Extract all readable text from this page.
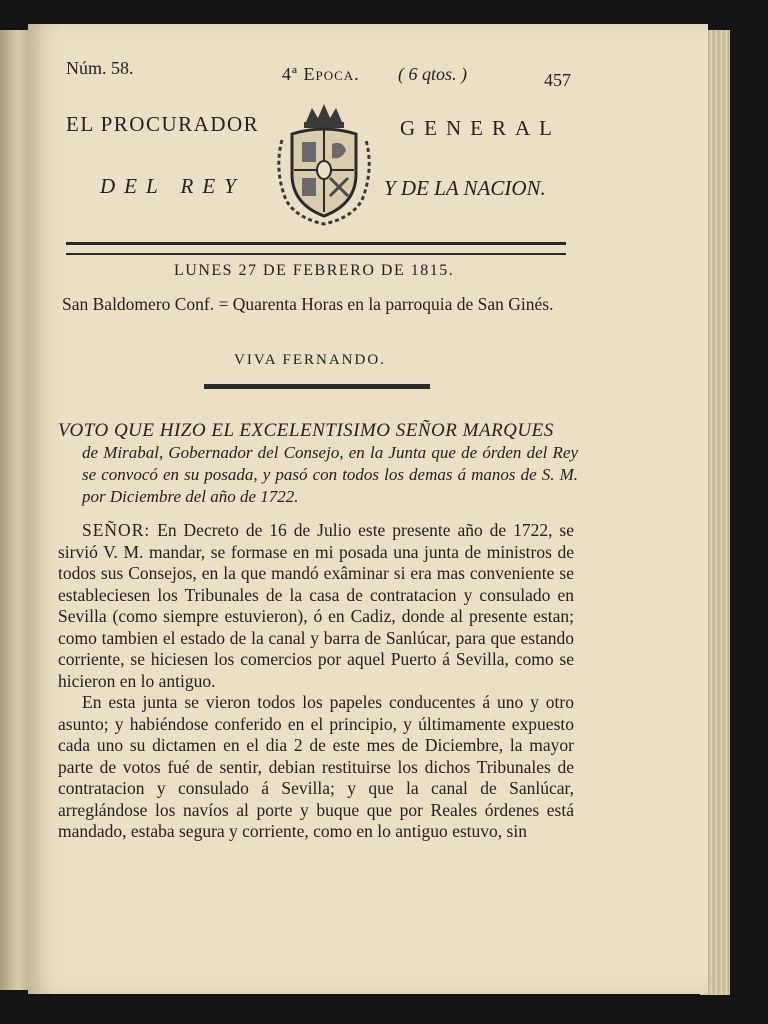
Núm. 58.	4ª Epoca. ( 6 qtos. )	457
EL PROCURADOR	GENERAL
DEL REY	Y DE LA NACION.
LUNES 27 DE FEBRERO DE 1815.
San Baldomero Conf. = Quarenta Horas en la parroquia de San Ginés.
VIVA FERNANDO.
VOTO QUE HIZO EL EXCELENTISIMO SEÑOR MARQUES
de Mirabal, Gobernador del Consejo, en la Junta que de órden del Rey se convocó en su posada, y pasó con todos los demas á manos de S. M. por Diciembre del año de 1722.

SEÑOR: En Decreto de 16 de Julio este presente año de 1722, se sirvió V. M. mandar, se formase en mi posada una junta de ministros de todos sus Consejos, en la que mandó exâminar si era mas conveniente se estableciesen los Tribunales de la casa de contratacion y consulado en Sevilla (como siempre estuvieron), ó en Cadiz, donde al presente estan; como tambien el estado de la canal y barra de Sanlúcar, para que estando corriente, se hiciesen los comercios por aquel Puerto á Sevilla, como se hicieron en lo antiguo.

En esta junta se vieron todos los papeles conducentes á uno y otro asunto; y habiéndose conferido en el principio, y últimamente expuesto cada uno su dictamen en el dia 2 de este mes de Diciembre, la mayor parte de votos fué de sentir, debian restituirse los dichos Tribunales de contratacion y consulado á Sevilla; y que la canal de Sanlúcar, arreglándose los navíos al porte y buque que por Reales órdenes está mandado, estaba segura y corriente, como en lo antiguo estuvo, sin
